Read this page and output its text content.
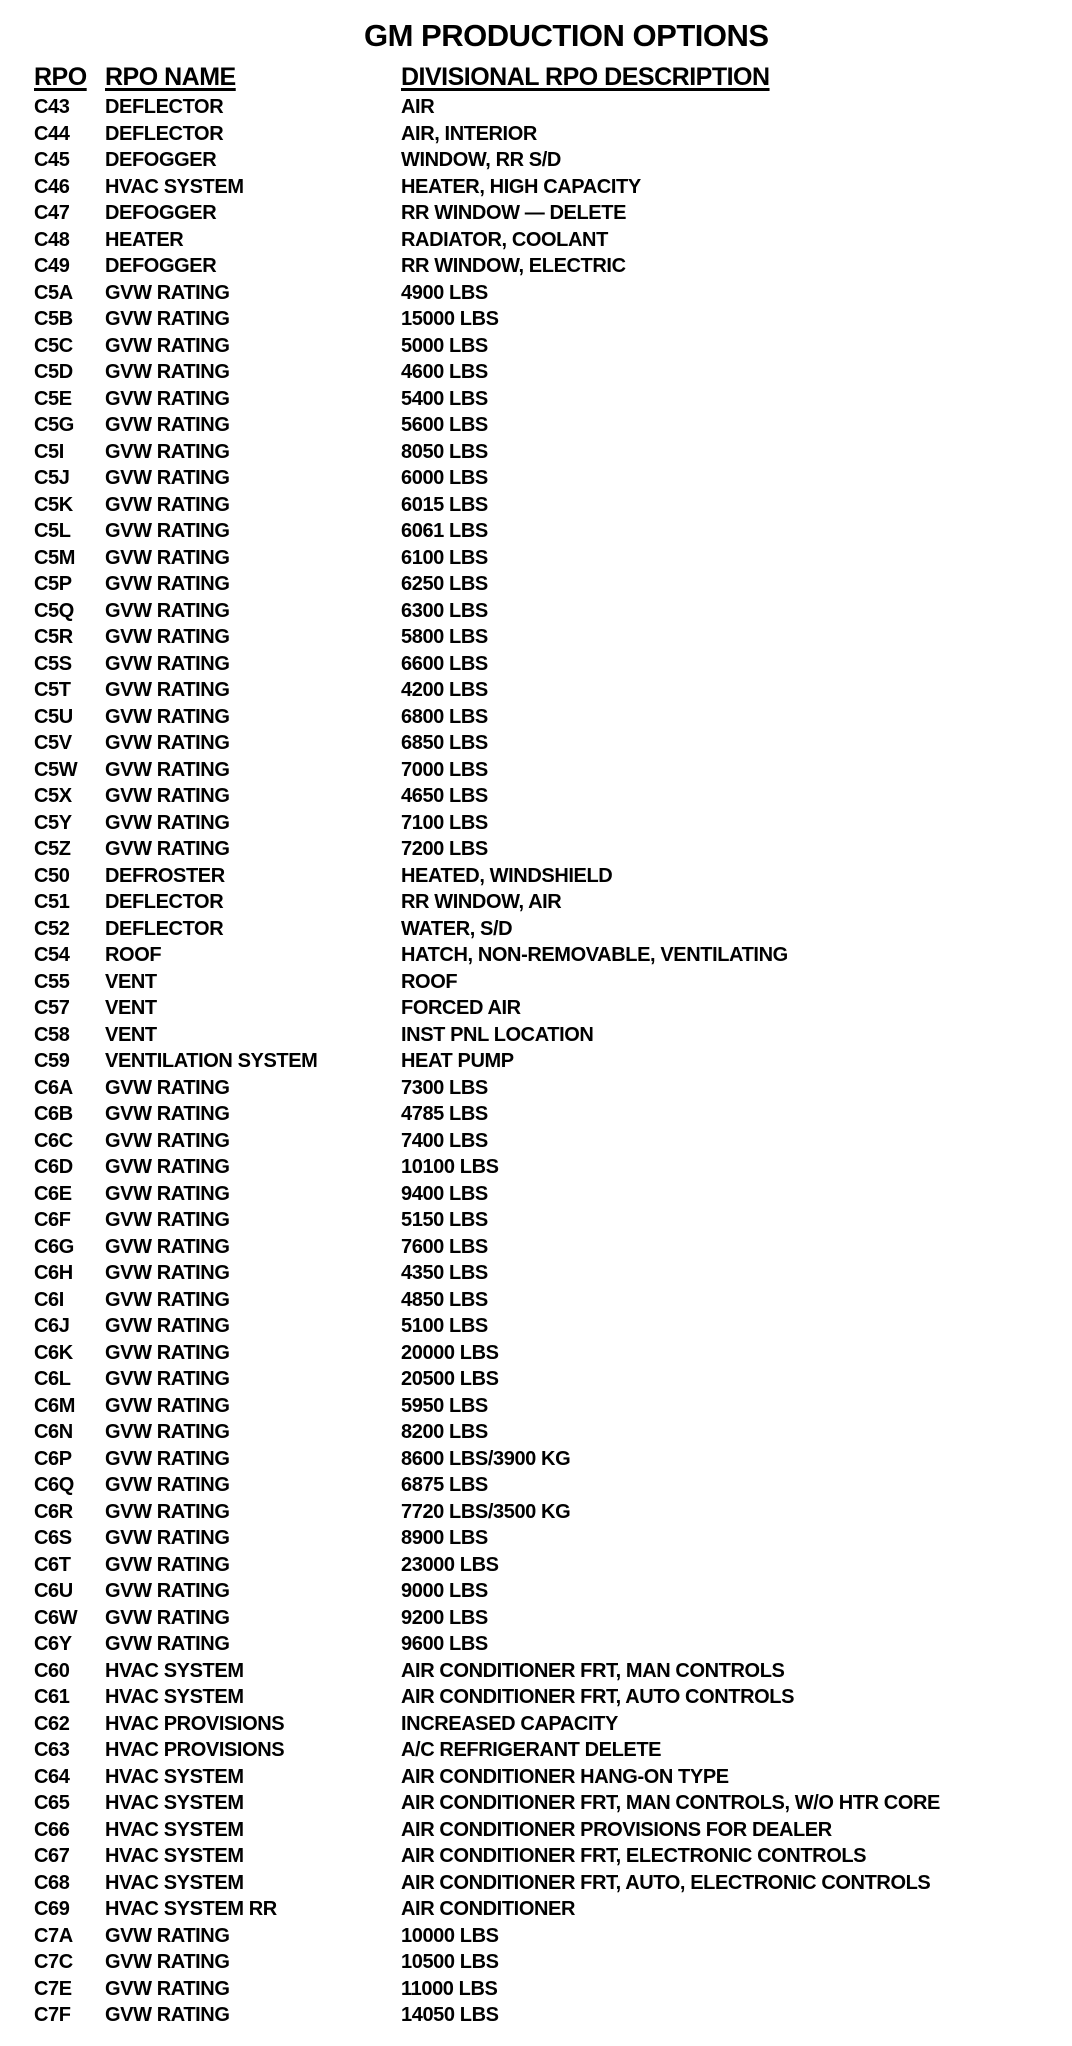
GM PRODUCTION OPTIONS
RPO RPO NAME	DIVISIONAL RPO DESCRIPTION
C43 DEFLECTOR	AIR
C44 DEFLECTOR	AIR, INTERIOR
C45 DEFOGGER	WINDOW, RR S/D
C46 HVAC SYSTEM	HEATER, HIGH CAPACITY
C47 DEFOGGER	RR WINDOW — DELETE
C48 HEATER	RADIATOR, COOLANT
C49 DEFOGGER	RR WINDOW, ELECTRIC
C5A GVW RATING	4900 LBS
C5B GVW RATING	15000 LBS
C5C GVW RATING	5000 LBS
C5D GVW RATING	4600 LBS
C5E GVW RATING	5400 LBS
C5G GVW RATING	5600 LBS
C5I GVW RATING	8050 LBS
C5J GVW RATING	6000 LBS
C5K GVW RATING	6015 LBS
C5L GVW RATING	6061 LBS
C5M GVW RATING	6100 LBS
C5P GVW RATING	6250 LBS
C5Q GVW RATING	6300 LBS
C5R GVW RATING	5800 LBS
C5S GVW RATING	6600 LBS
C5T GVW RATING	4200 LBS
C5U GVW RATING	6800 LBS
C5V GVW RATING	6850 LBS
C5W GVW RATING	7000 LBS
C5X GVW RATING	4650 LBS
C5Y GVW RATING	7100 LBS
C5Z GVW RATING	7200 LBS
C50 DEFROSTER	HEATED, WINDSHIELD
C51 DEFLECTOR	RR WINDOW, AIR
C52 DEFLECTOR	WATER, S/D
C54 ROOF	HATCH, NON-REMOVABLE, VENTILATING
C55 VENT	ROOF
C57 VENT	FORCED AIR
C58 VENT	INST PNL LOCATION
C59 VENTILATION SYSTEM	HEAT PUMP
C6A GVW RATING	7300 LBS
C6B GVW RATING	4785 LBS
C6C GVW RATING	7400 LBS
C6D GVW RATING	10100 LBS
C6E GVW RATING	9400 LBS
C6F GVW RATING	5150 LBS
C6G GVW RATING	7600 LBS
C6H GVW RATING	4350 LBS
C6I GVW RATING	4850 LBS
C6J GVW RATING	5100 LBS
C6K GVW RATING	20000 LBS
C6L GVW RATING	20500 LBS
C6M GVW RATING	5950 LBS
C6N GVW RATING	8200 LBS
C6P GVW RATING	8600 LBS/3900 KG
C6Q GVW RATING	6875 LBS
C6R GVW RATING	7720 LBS/3500 KG
C6S GVW RATING	8900 LBS
C6T GVW RATING	23000 LBS
C6U GVW RATING	9000 LBS
C6W GVW RATING	9200 LBS
C6Y GVW RATING	9600 LBS
C60 HVAC SYSTEM	AIR CONDITIONER FRT, MAN CONTROLS
C61 HVAC SYSTEM	AIR CONDITIONER FRT, AUTO CONTROLS
C62 HVAC PROVISIONS	INCREASED CAPACITY
C63 HVAC PROVISIONS	A/C REFRIGERANT DELETE
C64 HVAC SYSTEM	AIR CONDITIONER HANG-ON TYPE
C65 HVAC SYSTEM	AIR CONDITIONER FRT, MAN CONTROLS, W/O HTR CORE
C66 HVAC SYSTEM	AIR CONDITIONER PROVISIONS FOR DEALER
C67 HVAC SYSTEM	AIR CONDITIONER FRT, ELECTRONIC CONTROLS
C68 HVAC SYSTEM	AIR CONDITIONER FRT, AUTO, ELECTRONIC CONTROLS
C69 HVAC SYSTEM RR	AIR CONDITIONER
C7A GVW RATING	10000 LBS
C7C GVW RATING	10500 LBS
C7E GVW RATING	11000 LBS
C7F GVW RATING	14050 LBS
